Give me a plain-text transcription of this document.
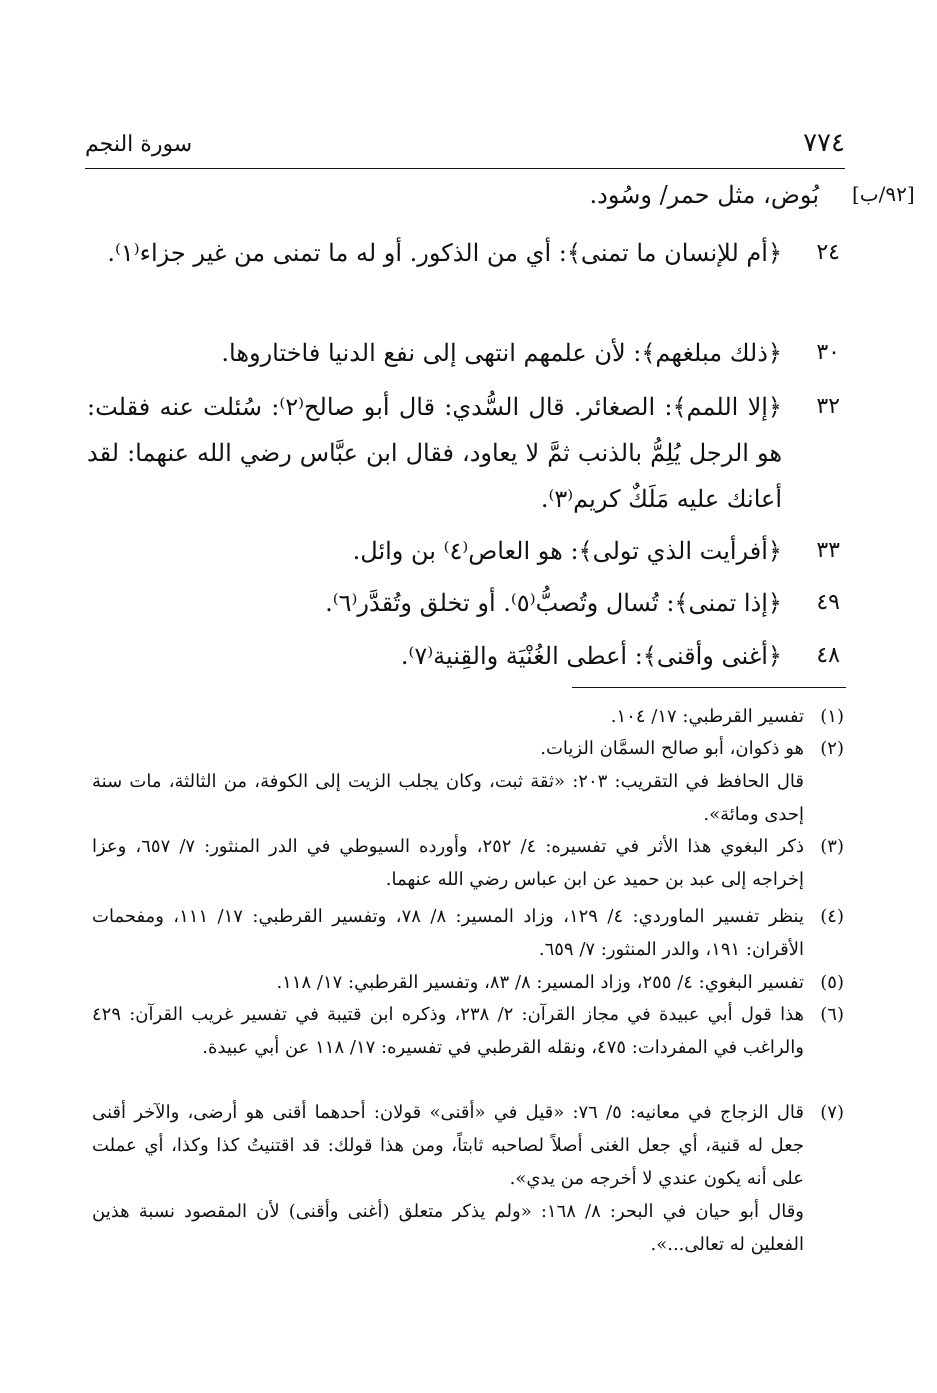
٧٧٤
سورة النجم
[٩٢/ب]

بُوض، مثل حمر/ وسُود.

٢٤

﴿أم للإنسان ما تمنى﴾: أي من الذكور. أو له ما تمنى من غير جزاء⁽١⁾.

٣٠

﴿ذلك مبلغهم﴾: لأن علمهم انتهى إلى نفع الدنيا فاختاروها.

٣٢

﴿إلا اللمم﴾: الصغائر. قال السُّدي: قال أبو صالح⁽٢⁾: سُئلت عنه فقلت: هو الرجل يُلِمُّ بالذنب ثمَّ لا يعاود، فقال ابن عبَّاس رضي الله عنهما: لقد أعانك عليه مَلَكٌ كريم⁽٣⁾.

٣٣

﴿أفرأيت الذي تولى﴾: هو العاص⁽٤⁾ بن وائل.

٤٩

﴿إذا تمنى﴾: تُسال وتُصبُّ⁽٥⁾. أو تخلق وتُقدَّر⁽٦⁾.

٤٨

﴿أغنى وأقنى﴾: أعطى الغُنْيَة والقِنية⁽٧⁾.

(١)

تفسير القرطبي: ١٧/ ١٠٤.

(٢)

هو ذكوان، أبو صالح السمَّان الزيات.

قال الحافظ في التقريب: ٢٠٣: «ثقة ثبت، وكان يجلب الزيت إلى الكوفة، من الثالثة، مات سنة إحدى ومائة».

(٣)

ذكر البغوي هذا الأثر في تفسيره: ٤/ ٢٥٢، وأورده السيوطي في الدر المنثور: ٧/ ٦٥٧، وعزا إخراجه إلى عبد بن حميد عن ابن عباس رضي الله عنهما.

(٤)

ينظر تفسير الماوردي: ٤/ ١٢٩، وزاد المسير: ٨/ ٧٨، وتفسير القرطبي: ١٧/ ١١١، ومفحمات الأقران: ١٩١، والدر المنثور: ٧/ ٦٥٩.

(٥)

تفسير البغوي: ٤/ ٢٥٥، وزاد المسير: ٨/ ٨٣، وتفسير القرطبي: ١٧/ ١١٨.

(٦)

هذا قول أبي عبيدة في مجاز القرآن: ٢/ ٢٣٨، وذكره ابن قتيبة في تفسير غريب القرآن: ٤٢٩ والراغب في المفردات: ٤٧٥، ونقله القرطبي في تفسيره: ١٧/ ١١٨ عن أبي عبيدة.

(٧)

قال الزجاج في معانيه: ٥/ ٧٦: «قيل في «أقنى» قولان: أحدهما أقنى هو أرضى، والآخر أقنى جعل له قنية، أي جعل الغنى أصلاً لصاحبه ثابتاً، ومن هذا قولك: قد اقتنيتُ كذا وكذا، أي عملت على أنه يكون عندي لا أخرجه من يدي».

وقال أبو حيان في البحر: ٨/ ١٦٨: «ولم يذكر متعلق (أغنى وأقنى) لأن المقصود نسبة هذين الفعلين له تعالى...».
